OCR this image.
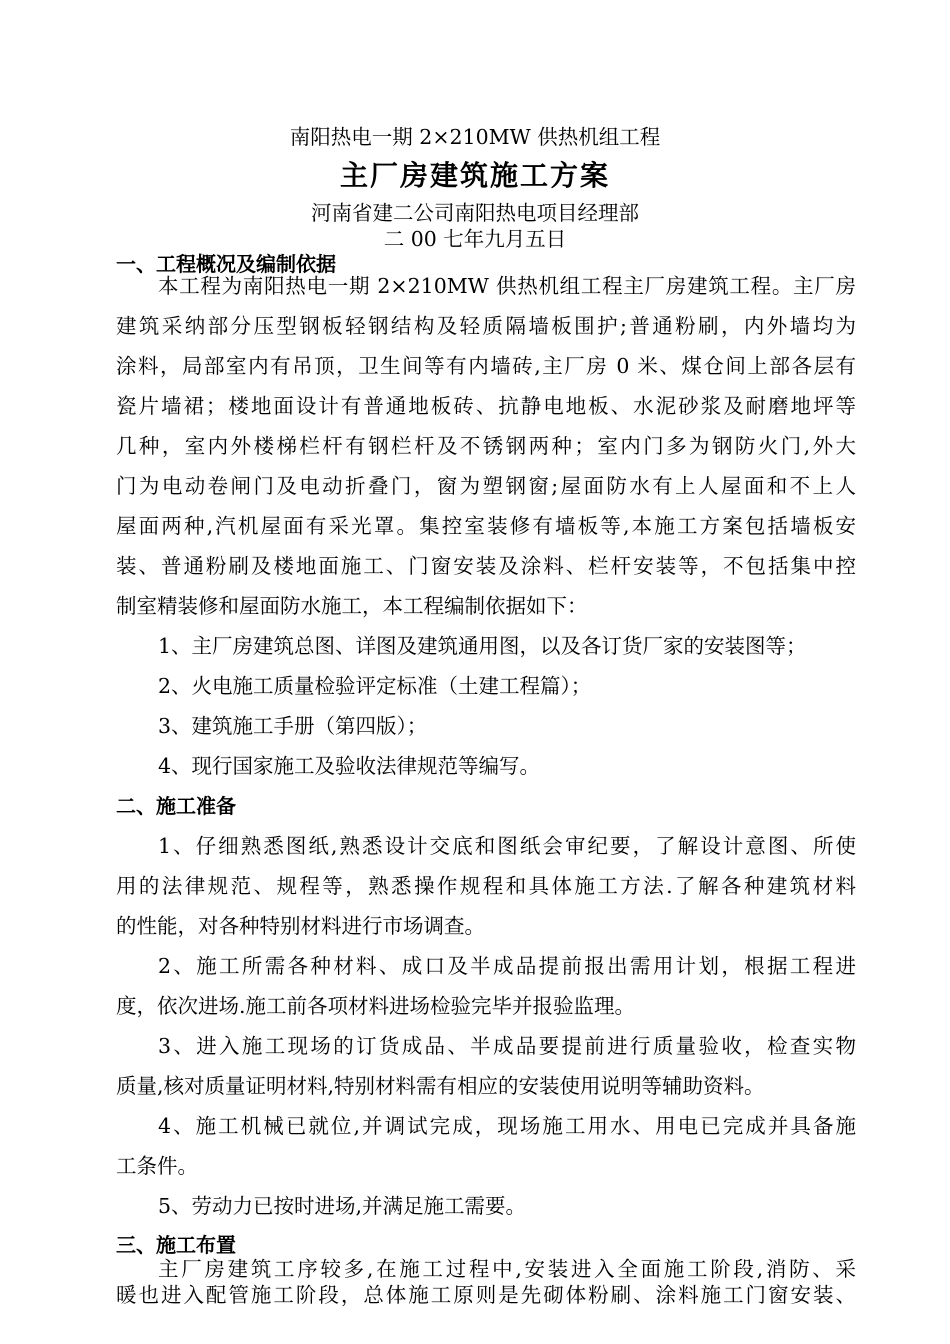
南阳热电一期 2×210MW 供热机组工程
主厂房建筑施工方案
河南省建二公司南阳热电项目经理部
二 00 七年九月五日
一、工程概况及编制依据
本工程为南阳热电一期 2×210MW 供热机组工程主厂房建筑工程。主厂房
建筑采纳部分压型钢板轻钢结构及轻质隔墙板围护;普通粉刷，内外墙均为
涂料，局部室内有吊顶，卫生间等有内墙砖,主厂房 0 米、煤仓间上部各层有
瓷片墙裙；楼地面设计有普通地板砖、抗静电地板、水泥砂浆及耐磨地坪等
几种，室内外楼梯栏杆有钢栏杆及不锈钢两种；室内门多为钢防火门,外大
门为电动卷闸门及电动折叠门，窗为塑钢窗;屋面防水有上人屋面和不上人
屋面两种,汽机屋面有采光罩。集控室装修有墙板等,本施工方案包括墙板安
装、普通粉刷及楼地面施工、门窗安装及涂料、栏杆安装等，不包括集中控
制室精装修和屋面防水施工，本工程编制依据如下：
1、主厂房建筑总图、详图及建筑通用图，以及各订货厂家的安装图等；
2、火电施工质量检验评定标准（土建工程篇）；
3、建筑施工手册（第四版）；
4、现行国家施工及验收法律规范等编写。
二、施工准备
1、仔细熟悉图纸,熟悉设计交底和图纸会审纪要，了解设计意图、所使
用的法律规范、规程等，熟悉操作规程和具体施工方法.了解各种建筑材料
的性能，对各种特别材料进行市场调查。
2、施工所需各种材料、成口及半成品提前报出需用计划，根据工程进
度，依次进场.施工前各项材料进场检验完毕并报验监理。
3、进入施工现场的订货成品、半成品要提前进行质量验收，检查实物
质量,核对质量证明材料,特别材料需有相应的安装使用说明等辅助资料。
4、施工机械已就位,并调试完成，现场施工用水、用电已完成并具备施
工条件。
5、劳动力已按时进场,并满足施工需要。
三、施工布置
主厂房建筑工序较多,在施工过程中,安装进入全面施工阶段,消防、采
暖也进入配管施工阶段，总体施工原则是先砌体粉刷、涂料施工门窗安装、
